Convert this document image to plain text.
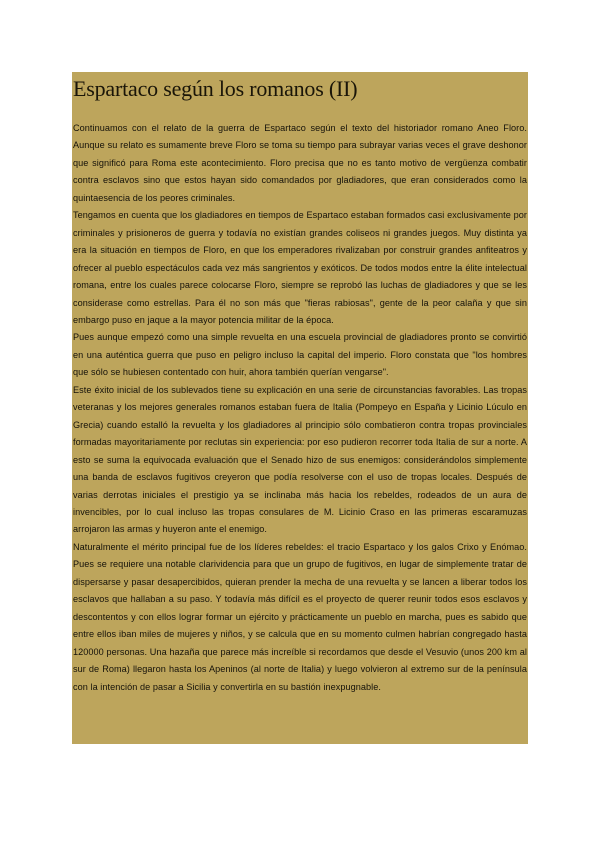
Espartaco según los romanos (II)

Continuamos con el relato de la guerra de Espartaco según el texto del historiador romano Aneo Floro. Aunque su relato es sumamente breve Floro se toma su tiempo para subrayar varias veces el grave deshonor que significó para Roma este acontecimiento. Floro precisa que no es tanto motivo de vergüenza combatir contra esclavos sino que estos hayan sido comandados por gladiadores, que eran considerados como la quintaesencia de los peores criminales.

Tengamos en cuenta que los gladiadores en tiempos de Espartaco estaban formados casi exclusivamente por criminales y prisioneros de guerra y todavía no existían grandes coliseos ni grandes juegos. Muy distinta ya era la situación en tiempos de Floro, en que los emperadores rivalizaban por construir grandes anfiteatros y ofrecer al pueblo espectáculos cada vez más sangrientos y exóticos. De todos modos entre la élite intelectual romana, entre los cuales parece colocarse Floro, siempre se reprobó las luchas de gladiadores y que se les considerase como estrellas. Para él no son más que "fieras rabiosas", gente de la peor calaña y que sin embargo puso en jaque a la mayor potencia militar de la época.

Pues aunque empezó como una simple revuelta en una escuela provincial de gladiadores pronto se convirtió en una auténtica guerra que puso en peligro incluso la capital del imperio. Floro constata que "los hombres que sólo se hubiesen contentado con huir, ahora también querían vengarse".

Este éxito inicial de los sublevados tiene su explicación en una serie de circunstancias favorables. Las tropas veteranas y los mejores generales romanos estaban fuera de Italia (Pompeyo en España y Licinio Lúculo en Grecia) cuando estalló la revuelta y los gladiadores al principio sólo combatieron contra tropas provinciales formadas mayoritariamente por reclutas sin experiencia: por eso pudieron recorrer toda Italia de sur a norte. A esto se suma la equivocada evaluación que el Senado hizo de sus enemigos: considerándolos simplemente una banda de esclavos fugitivos creyeron que podía resolverse con el uso de tropas locales. Después de varias derrotas iniciales el prestigio ya se inclinaba más hacia los rebeldes, rodeados de un aura de invencibles, por lo cual incluso las tropas consulares de M. Licinio Craso en las primeras escaramuzas arrojaron las armas y huyeron ante el enemigo.

Naturalmente el mérito principal fue de los líderes rebeldes: el tracio Espartaco y los galos Crixo y Enómao. Pues se requiere una notable clarividencia para que un grupo de fugitivos, en lugar de simplemente tratar de dispersarse y pasar desapercibidos, quieran prender la mecha de una revuelta y se lancen a liberar todos los esclavos que hallaban a su paso. Y todavía más difícil es el proyecto de querer reunir todos esos esclavos y descontentos y con ellos lograr formar un ejército y prácticamente un pueblo en marcha, pues es sabido que entre ellos iban miles de mujeres y niños, y se calcula que en su momento culmen habrían congregado hasta 120000 personas. Una hazaña que parece más increíble si recordamos que desde el Vesuvio (unos 200 km al sur de Roma) llegaron hasta los Apeninos (al norte de Italia) y luego volvieron al extremo sur de la península con la intención de pasar a Sicilia y convertirla en su bastión inexpugnable.
